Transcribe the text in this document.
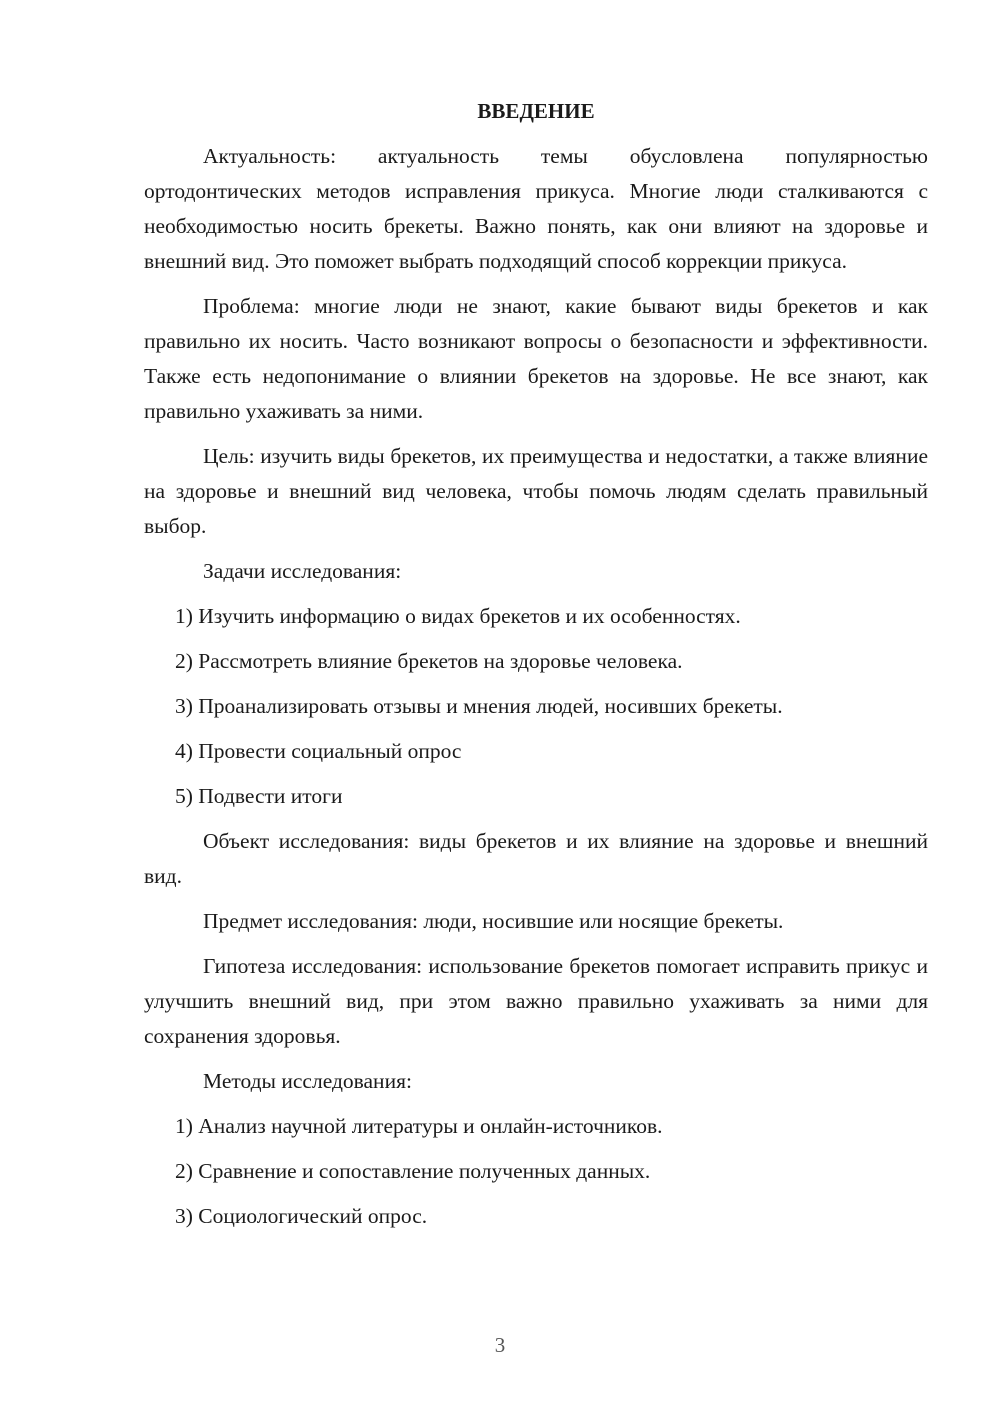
ВВЕДЕНИЕ

Актуальность: актуальность темы обусловлена популярностью ортодонтических методов исправления прикуса. Многие люди сталкиваются с необходимостью носить брекеты. Важно понять, как они влияют на здоровье и внешний вид. Это поможет выбрать подходящий способ коррекции прикуса.

Проблема: многие люди не знают, какие бывают виды брекетов и как правильно их носить. Часто возникают вопросы о безопасности и эффективности. Также есть недопонимание о влиянии брекетов на здоровье. Не все знают, как правильно ухаживать за ними.

Цель: изучить виды брекетов, их преимущества и недостатки, а также влияние на здоровье и внешний вид человека, чтобы помочь людям сделать правильный выбор.

Задачи исследования:

1) Изучить информацию о видах брекетов и их особенностях.
2) Рассмотреть влияние брекетов на здоровье человека.
3) Проанализировать отзывы и мнения людей, носивших брекеты.
4) Провести социальный опрос
5) Подвести итоги

Объект исследования: виды брекетов и их влияние на здоровье и внешний вид.

Предмет исследования: люди, носившие или носящие брекеты.

Гипотеза исследования: использование брекетов помогает исправить прикус и улучшить внешний вид, при этом важно правильно ухаживать за ними для сохранения здоровья.

Методы исследования:

1) Анализ научной литературы и онлайн-источников.
2) Сравнение и сопоставление полученных данных.
3) Социологический опрос.
3
